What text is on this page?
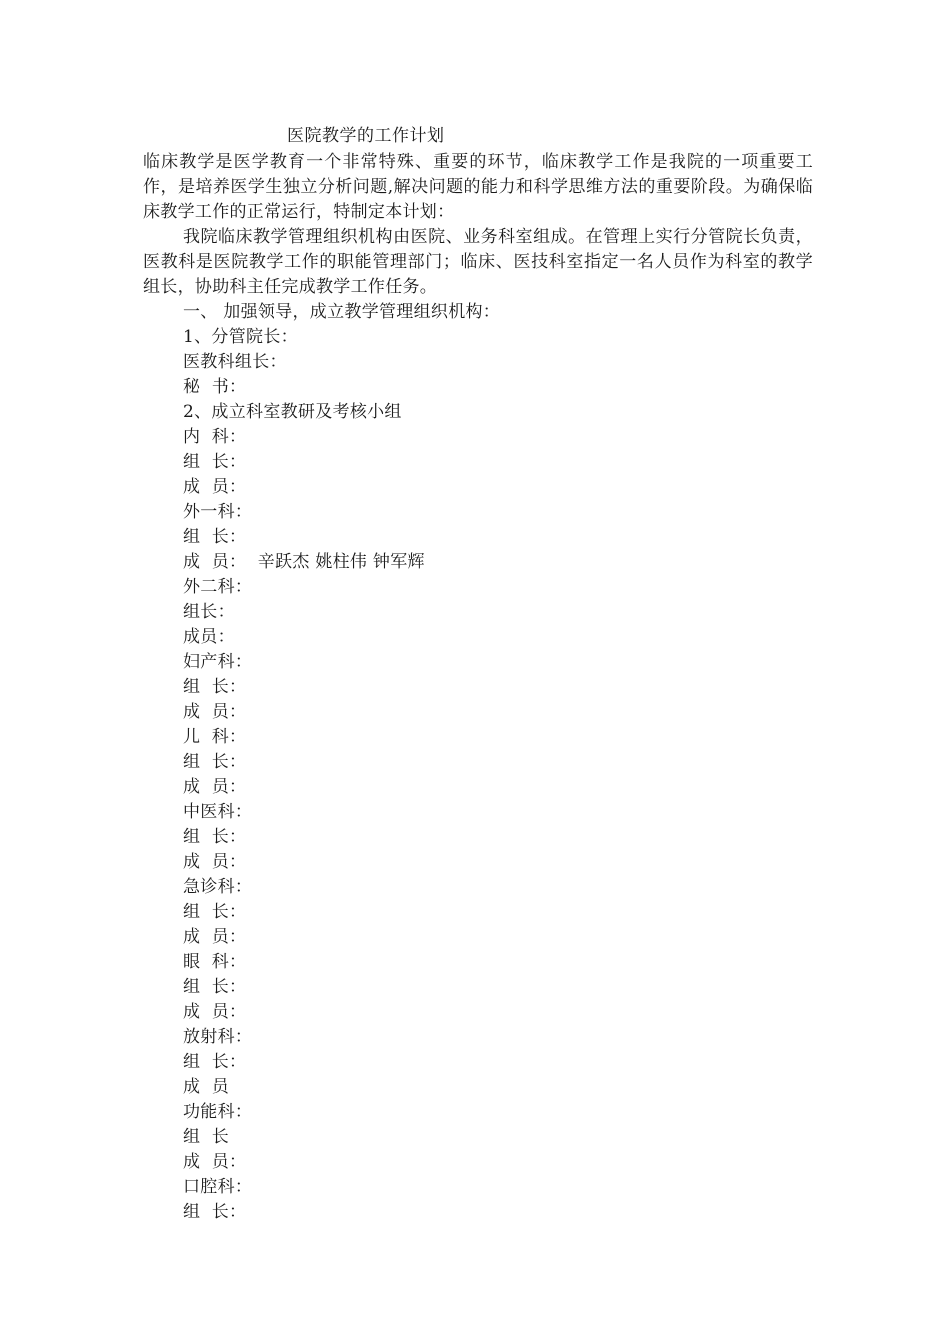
医院教学的工作计划
临床教学是医学教育一个非常特殊、重要的环节，临床教学工作是我院的一项重要工作，是培养医学生独立分析问题,解决问题的能力和科学思维方法的重要阶段。为确保临床教学工作的正常运行，特制定本计划：
我院临床教学管理组织机构由医院、业务科室组成。在管理上实行分管院长负责，医教科是医院教学工作的职能管理部门；临床、医技科室指定一名人员作为科室的教学组长，协助科主任完成教学工作任务。
一、 加强领导，成立教学管理组织机构：
1、分管院长：
医教科组长：
秘  书：
2、成立科室教研及考核小组
内  科：
组  长：
成  员：
外一科：
组  长：
成  员：  辛跃杰 姚柱伟 钟军辉
外二科：
组长：
成员：
妇产科：
组  长：
成  员：
儿  科：
组  长：
成  员：
中医科：
组  长：
成  员：
急诊科：
组  长：
成  员：
眼  科：
组  长：
成  员：
放射科：
组  长：
成  员
功能科：
组  长
成  员：
口腔科：
组  长：
